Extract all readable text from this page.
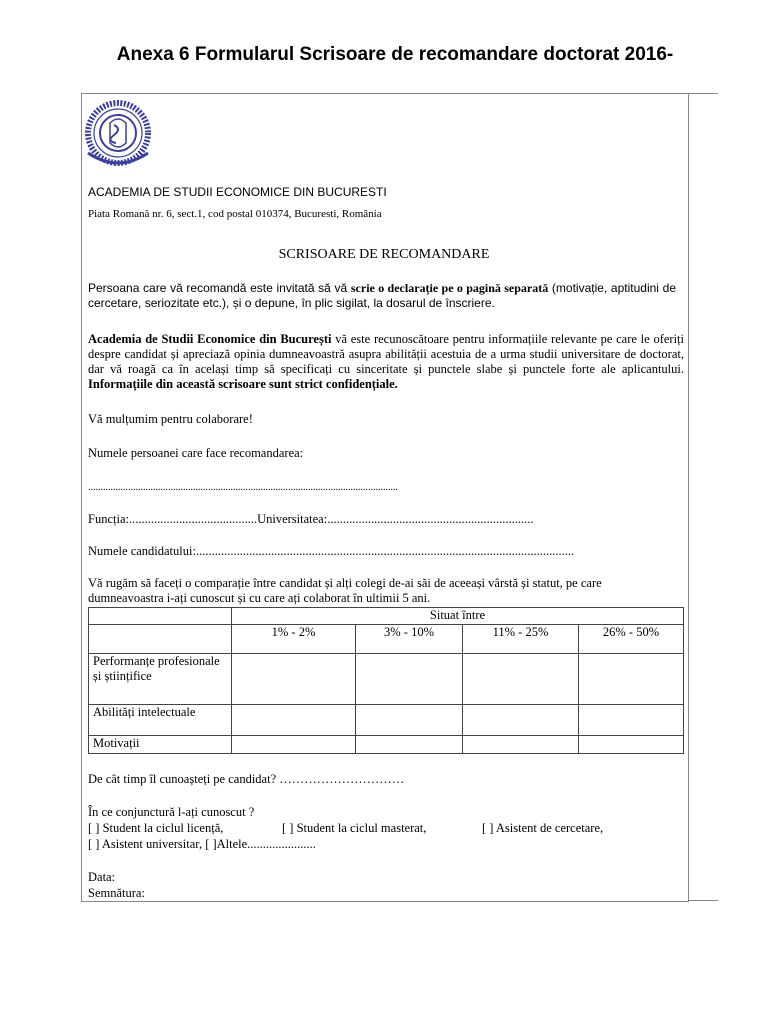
Anexa 6 Formularul Scrisoare de recomandare doctorat 2016-
ACADEMIA DE STUDII ECONOMICE DIN BUCURESTI
Piata Romană nr. 6, sect.1, cod postal 010374, Bucuresti, România
SCRISOARE DE RECOMANDARE
Persoana care vă recomandă este invitată să vă scrie o declarație pe o pagină separată (motivație, aptitudini de cercetare, seriozitate etc.), și o depune, în plic sigilat, la dosarul de înscriere.
Academia de Studii Economice din București vă este recunoscătoare pentru informațiile relevante pe care le oferiți despre candidat și apreciază opinia dumneavoastră asupra abilității acestuia de a urma studii universitare de doctorat, dar vă roagă ca în același timp să specificați cu sinceritate și punctele slabe și punctele forte ale aplicantului. Informațiile din această scrisoare sunt strict confidențiale.
Vă mulțumim pentru colaborare!
Numele persoanei care face recomandarea:
............................................................................................................................
Funcția:.........................................Universitatea:..................................................................
Numele candidatului:.........................................................................................................................
Vă rugăm să faceți o comparație între candidat și alți colegi de-ai săi de aceeași vârstă și statut, pe care
dumneavoastra i-ați cunoscut și cu care ați colaborat în ultimii 5 ani.
	Situat între			
	1% - 2%	3% - 10%	11% - 25%	26% - 50%
Performanțe profesionale și științifice				
Abilități intelectuale				
Motivații				
De cât timp îl cunoașteți pe candidat? …………………………
În ce conjunctură l-ați cunoscut ?
[ ] Student la ciclul licență,	[ ] Student la ciclul masterat,	[ ] Asistent de cercetare,
[ ] Asistent universitar, [ ]Altele......................
Data:
Semnătura:
